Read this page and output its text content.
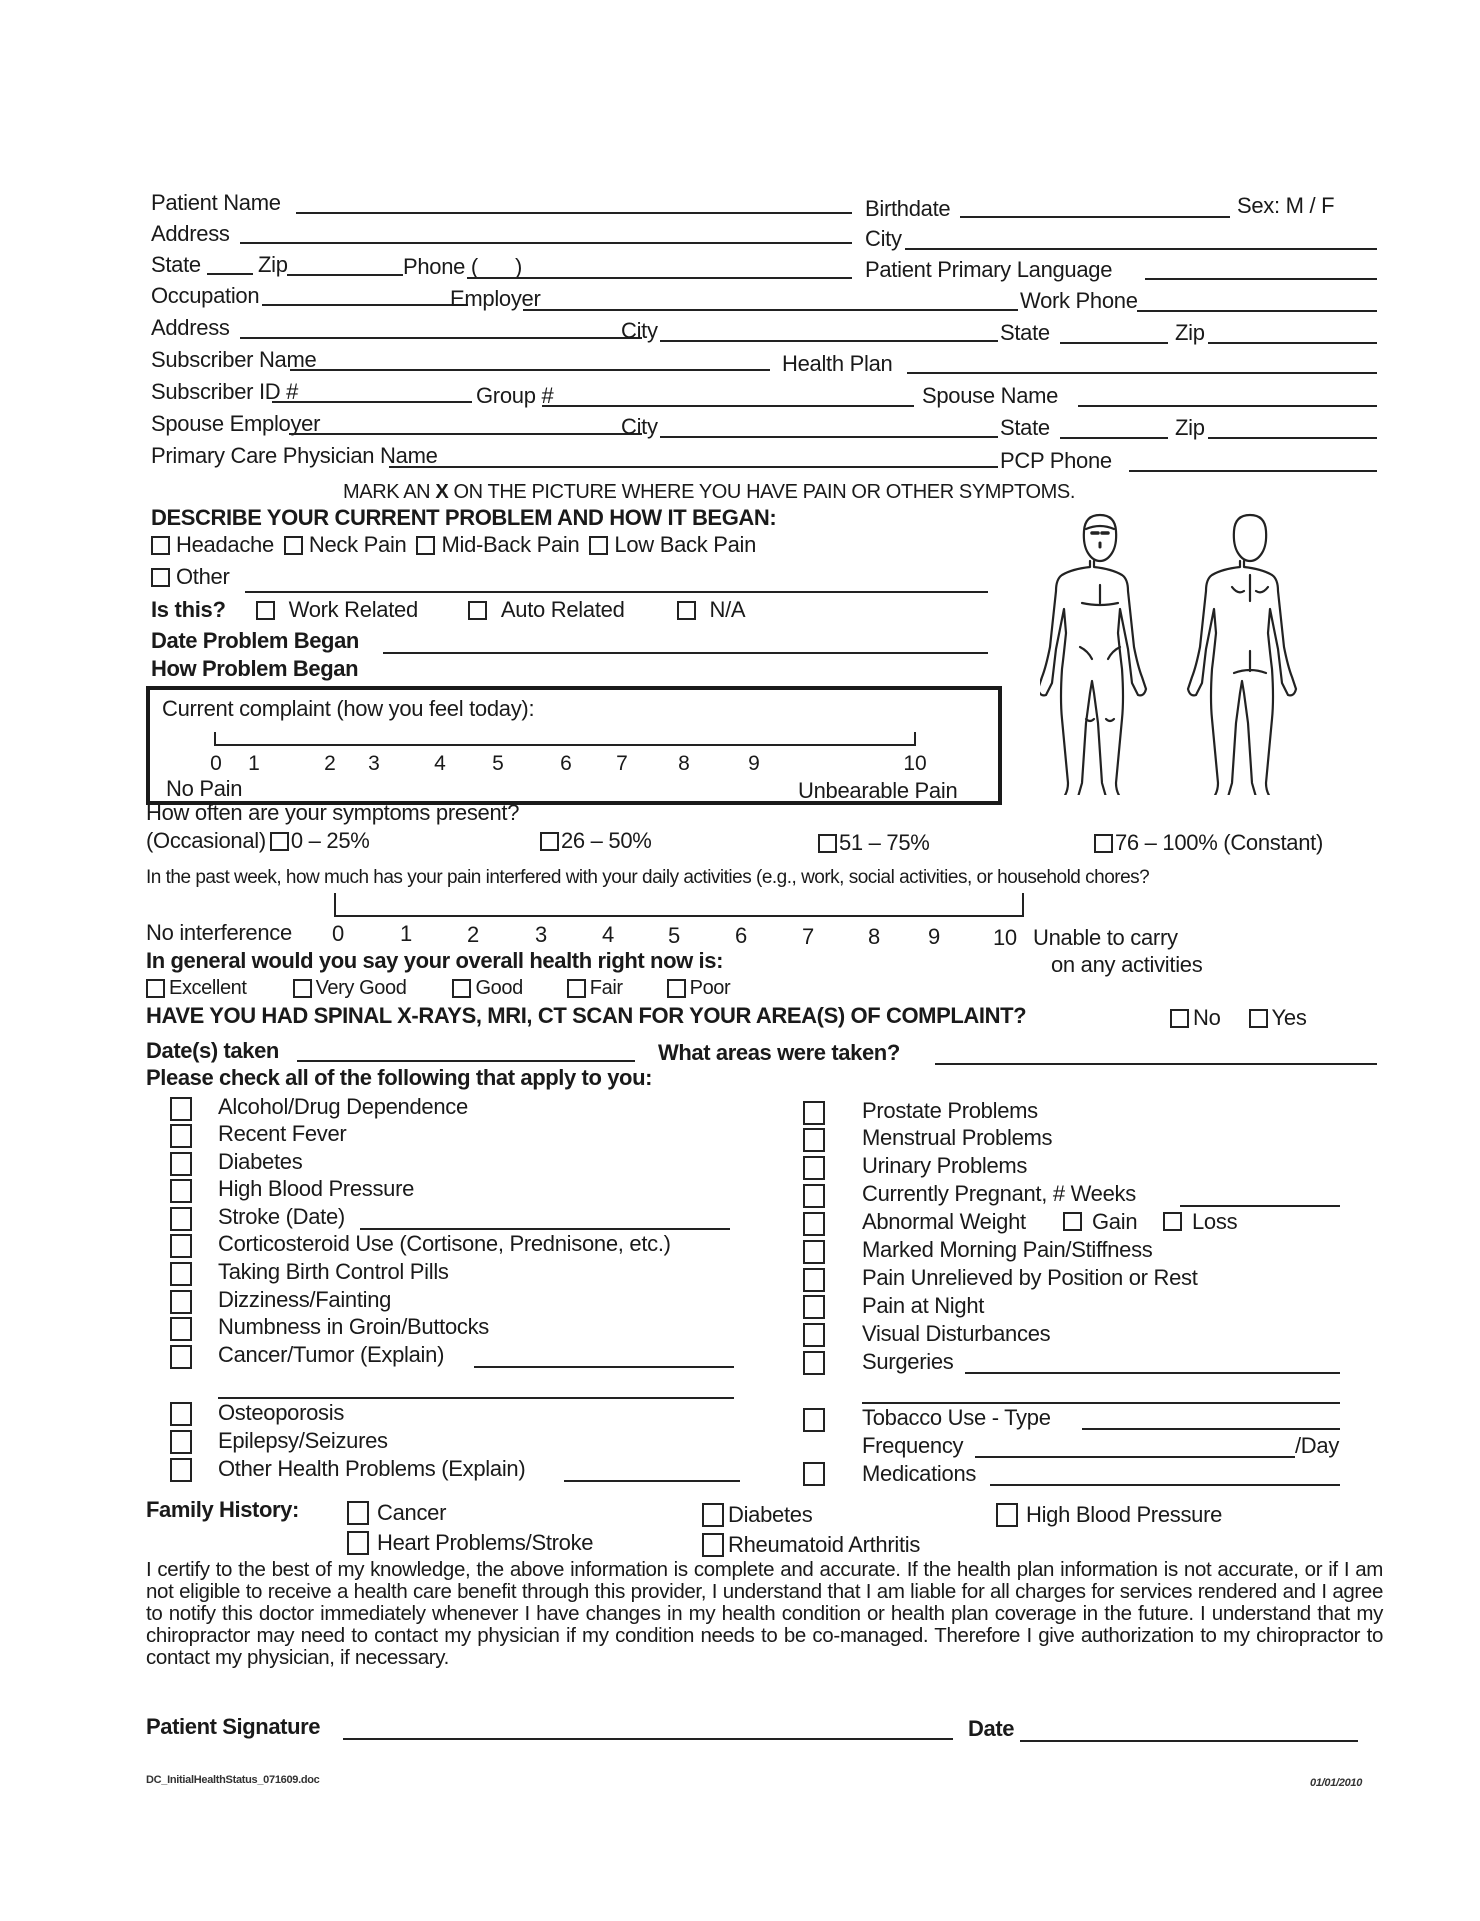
Patient Name	Birthdate	Sex: M / F
Address	City
State	Zip	Phone ( )	Patient Primary Language
Occupation	Employer	Work Phone
Address	City	State	Zip
Subscriber Name	Health Plan
Subscriber ID #	Group #	Spouse Name
Spouse Employer	City	State	Zip
Primary Care Physician Name	PCP Phone
MARK AN X ON THE PICTURE WHERE YOU HAVE PAIN OR OTHER SYMPTOMS.
DESCRIBE YOUR CURRENT PROBLEM AND HOW IT BEGAN:
Headache Neck Pain Mid-Back Pain Low Back Pain
Other
Is this?	Work Related	Auto Related	N/A
Date Problem Began
How Problem Began
Current complaint (how you feel today):
0 1	2 3	4 5	6 7 8	9	10
No Pain	Unbearable Pain
How often are your symptoms present?
(Occasional) 0 – 25%	26 – 50%	51 – 75%	76 – 100% (Constant)
In the past week, how much has your pain interfered with your daily activities (e.g., work, social activities, or household chores?
No interference 0	1	2	3	4 5	6	7 8 9 10 Unable to carry
on any activities
In general would you say your overall health right now is:
Excellent	Very Good	Good	Fair	Poor
HAVE YOU HAD SPINAL X-RAYS, MRI, CT SCAN FOR YOUR AREA(S) OF COMPLAINT?	No Yes
Date(s) taken	What areas were taken?
Please check all of the following that apply to you:
Alcohol/Drug Dependence
Recent Fever
Diabetes
High Blood Pressure
Stroke (Date)
Corticosteroid Use (Cortisone, Prednisone, etc.)
Taking Birth Control Pills
Dizziness/Fainting
Numbness in Groin/Buttocks
Cancer/Tumor (Explain)
Osteoporosis
Epilepsy/Seizures
Other Health Problems (Explain)
Prostate Problems
Menstrual Problems
Urinary Problems
Currently Pregnant, # Weeks
Abnormal Weight	Gain Loss
Marked Morning Pain/Stiffness
Pain Unrelieved by Position or Rest
Pain at Night
Visual Disturbances
Surgeries
Tobacco Use - Type
Frequency	/Day
Medications
Family History:	Cancer	Diabetes	High Blood Pressure
Heart Problems/Stroke	Rheumatoid Arthritis
I certify to the best of my knowledge, the above information is complete and accurate. If the health plan information is not accurate, or if I am not eligible to receive a health care benefit through this provider, I understand that I am liable for all charges for services rendered and I agree to notify this doctor immediately whenever I have changes in my health condition or health plan coverage in the future. I understand that my chiropractor may need to contact my physician if my condition needs to be co-managed. Therefore I give authorization to my chiropractor to contact my physician, if necessary.
Patient Signature	Date
DC_InitialHealthStatus_071609.doc	01/01/2010
